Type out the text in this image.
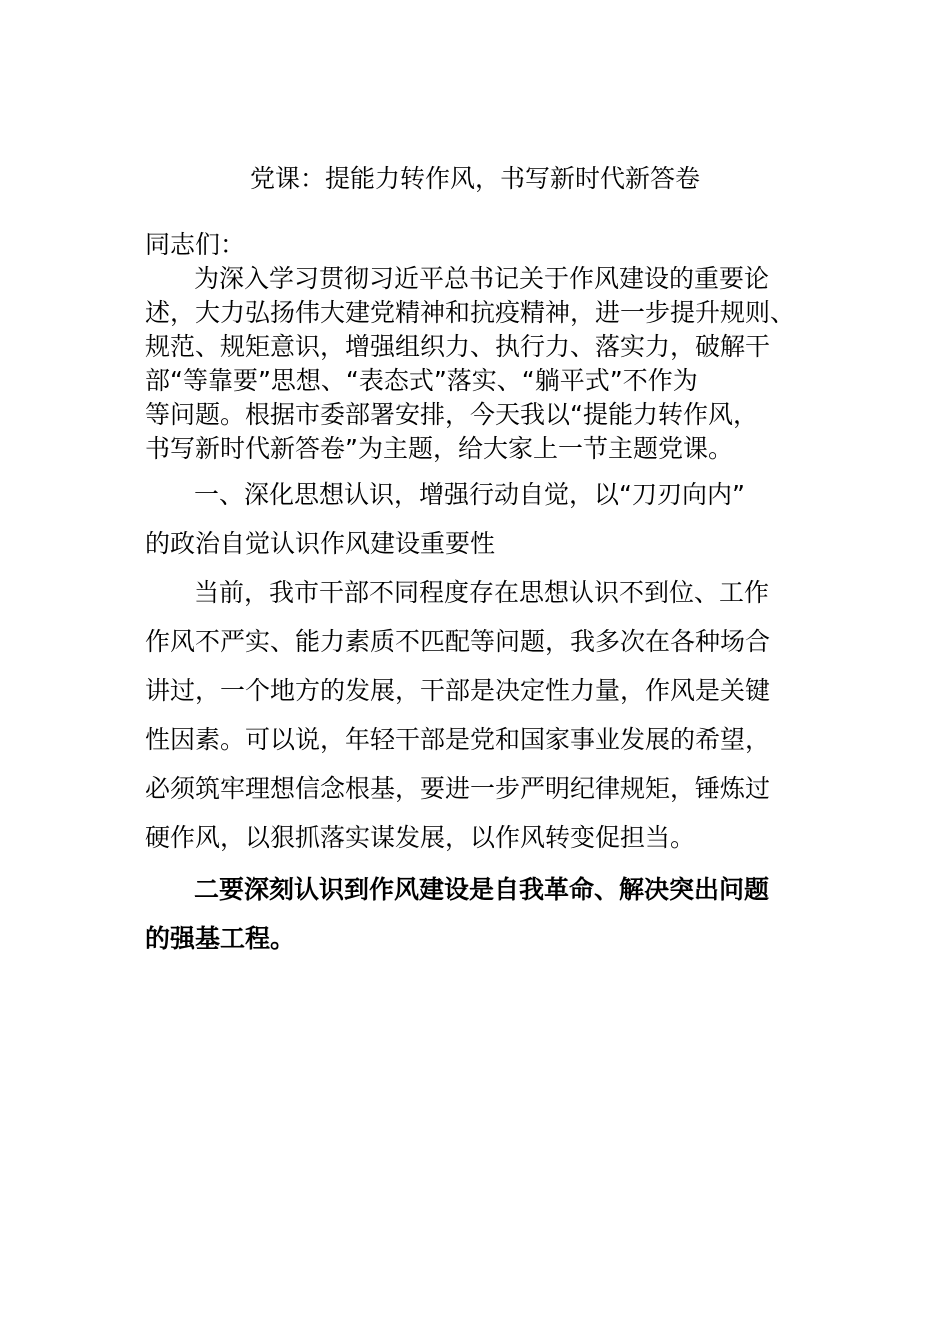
党课：提能力转作风，书写新时代新答卷
同志们：
为深入学习贯彻习近平总书记关于作风建设的重要论
述，大力弘扬伟大建党精神和抗疫精神，进一步提升规则、
规范、规矩意识，增强组织力、执行力、落实力，破解干
部“等靠要”思想、“表态式”落实、“躺平式”不作为
等问题。根据市委部署安排，今天我以“提能力转作风，
书写新时代新答卷”为主题，给大家上一节主题党课。
一、深化思想认识，增强行动自觉，以“刀刃向内”
的政治自觉认识作风建设重要性
当前，我市干部不同程度存在思想认识不到位、工作
作风不严实、能力素质不匹配等问题，我多次在各种场合
讲过，一个地方的发展，干部是决定性力量，作风是关键
性因素。可以说，年轻干部是党和国家事业发展的希望，
必须筑牢理想信念根基，要进一步严明纪律规矩，锤炼过
硬作风，以狠抓落实谋发展，以作风转变促担当。
二要深刻认识到作风建设是自我革命、解决突出问题
的强基工程。
